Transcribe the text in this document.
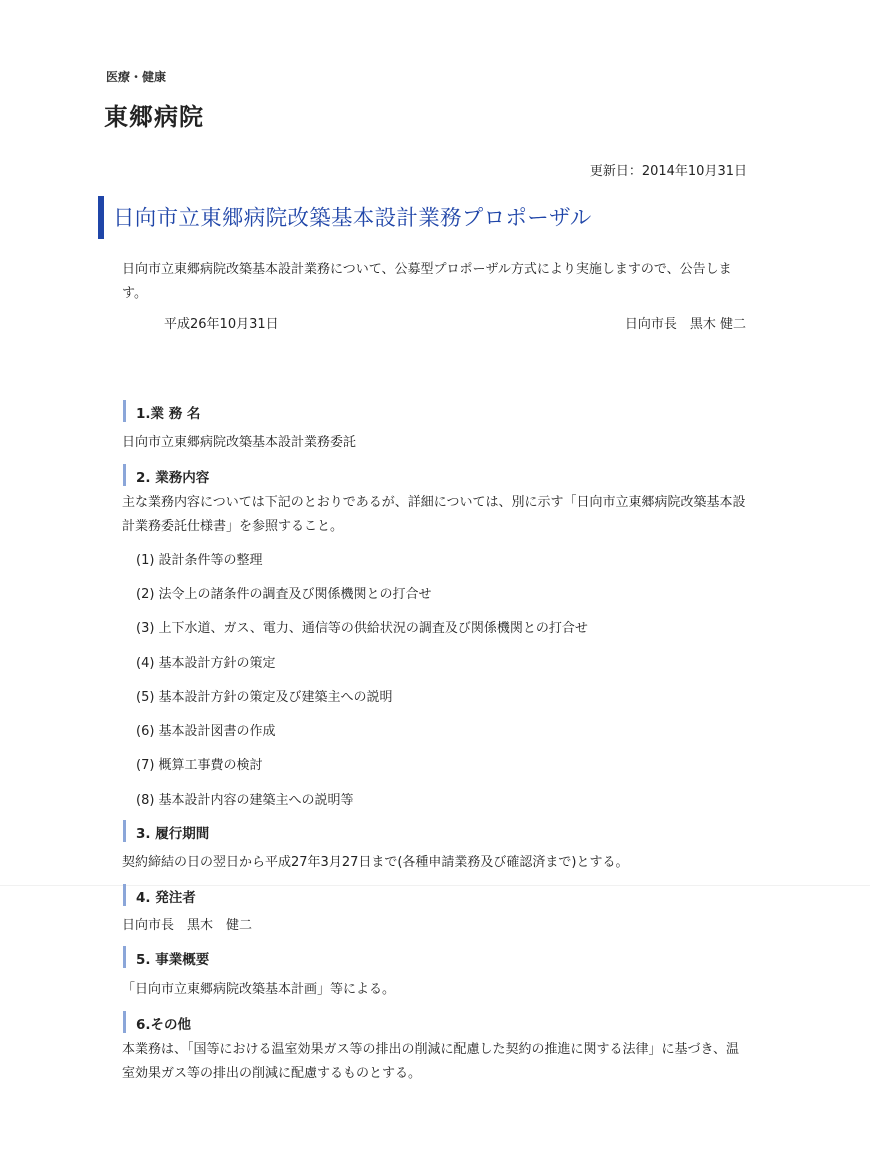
医療・健康
東郷病院
更新日：2014年10月31日
日向市立東郷病院改築基本設計業務プロポーザル
日向市立東郷病院改築基本設計業務について、公募型プロポーザル方式により実施しますので、公告します。
平成26年10月31日	日向市長　黒木 健二
1.業 務 名
日向市立東郷病院改築基本設計業務委託
2. 業務内容
主な業務内容については下記のとおりであるが、詳細については、別に示す「日向市立東郷病院改築基本設計業務委託仕様書」を参照すること。
(1) 設計条件等の整理
(2) 法令上の諸条件の調査及び関係機関との打合せ
(3) 上下水道、ガス、電力、通信等の供給状況の調査及び関係機関との打合せ
(4) 基本設計方針の策定
(5) 基本設計方針の策定及び建築主への説明
(6) 基本設計図書の作成
(7) 概算工事費の検討
(8) 基本設計内容の建築主への説明等
3. 履行期間
契約締結の日の翌日から平成27年3月27日まで(各種申請業務及び確認済まで)とする。
4. 発注者
日向市長　黒木　健二
5. 事業概要
「日向市立東郷病院改築基本計画」等による。
6.その他
本業務は、「国等における温室効果ガス等の排出の削減に配慮した契約の推進に関する法律」に基づき、温室効果ガス等の排出の削減に配慮するものとする。
